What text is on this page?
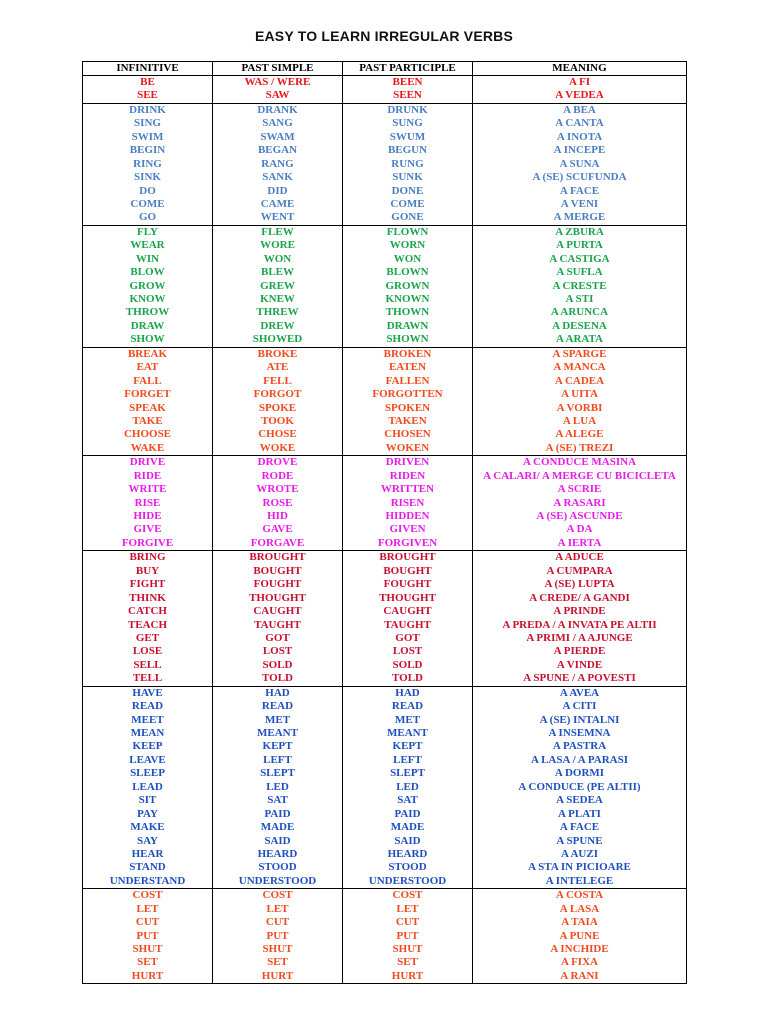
EASY TO LEARN IRREGULAR VERBS
INFINITIVE	PAST SIMPLE	PAST PARTICIPLE	MEANING
BE	WAS / WERE	BEEN	A FI
SEE	SAW	SEEN	A VEDEA
DRINK	DRANK	DRUNK	A BEA
SING	SANG	SUNG	A CANTA
SWIM	SWAM	SWUM	A INOTA
BEGIN	BEGAN	BEGUN	A INCEPE
RING	RANG	RUNG	A SUNA
SINK	SANK	SUNK	A (SE) SCUFUNDA
DO	DID	DONE	A FACE
COME	CAME	COME	A VENI
GO	WENT	GONE	A MERGE
FLY	FLEW	FLOWN	A ZBURA
WEAR	WORE	WORN	A PURTA
WIN	WON	WON	A CASTIGA
BLOW	BLEW	BLOWN	A SUFLA
GROW	GREW	GROWN	A CRESTE
KNOW	KNEW	KNOWN	A STI
THROW	THREW	THOWN	A ARUNCA
DRAW	DREW	DRAWN	A DESENA
SHOW	SHOWED	SHOWN	A ARATA
BREAK	BROKE	BROKEN	A SPARGE
EAT	ATE	EATEN	A MANCA
FALL	FELL	FALLEN	A CADEA
FORGET	FORGOT	FORGOTTEN	A UITA
SPEAK	SPOKE	SPOKEN	A VORBI
TAKE	TOOK	TAKEN	A LUA
CHOOSE	CHOSE	CHOSEN	A ALEGE
WAKE	WOKE	WOKEN	A (SE) TREZI
DRIVE	DROVE	DRIVEN	A CONDUCE MASINA
RIDE	RODE	RIDEN	A CALARI/ A MERGE CU BICICLETA
WRITE	WROTE	WRITTEN	A SCRIE
RISE	ROSE	RISEN	A RASARI
HIDE	HID	HIDDEN	A (SE) ASCUNDE
GIVE	GAVE	GIVEN	A DA
FORGIVE	FORGAVE	FORGIVEN	A IERTA
BRING	BROUGHT	BROUGHT	A ADUCE
BUY	BOUGHT	BOUGHT	A CUMPARA
FIGHT	FOUGHT	FOUGHT	A (SE) LUPTA
THINK	THOUGHT	THOUGHT	A CREDE/ A GANDI
CATCH	CAUGHT	CAUGHT	A PRINDE
TEACH	TAUGHT	TAUGHT	A PREDA / A INVATA PE ALTII
GET	GOT	GOT	A PRIMI / A AJUNGE
LOSE	LOST	LOST	A PIERDE
SELL	SOLD	SOLD	A VINDE
TELL	TOLD	TOLD	A SPUNE / A POVESTI
HAVE	HAD	HAD	A AVEA
READ	READ	READ	A CITI
MEET	MET	MET	A (SE) INTALNI
MEAN	MEANT	MEANT	A INSEMNA
KEEP	KEPT	KEPT	A PASTRA
LEAVE	LEFT	LEFT	A LASA / A PARASI
SLEEP	SLEPT	SLEPT	A DORMI
LEAD	LED	LED	A CONDUCE (PE ALTII)
SIT	SAT	SAT	A SEDEA
PAY	PAID	PAID	A PLATI
MAKE	MADE	MADE	A FACE
SAY	SAID	SAID	A SPUNE
HEAR	HEARD	HEARD	A AUZI
STAND	STOOD	STOOD	A STA IN PICIOARE
UNDERSTAND	UNDERSTOOD	UNDERSTOOD	A INTELEGE
COST	COST	COST	A COSTA
LET	LET	LET	A LASA
CUT	CUT	CUT	A TAIA
PUT	PUT	PUT	A PUNE
SHUT	SHUT	SHUT	A INCHIDE
SET	SET	SET	A FIXA
HURT	HURT	HURT	A RANI
